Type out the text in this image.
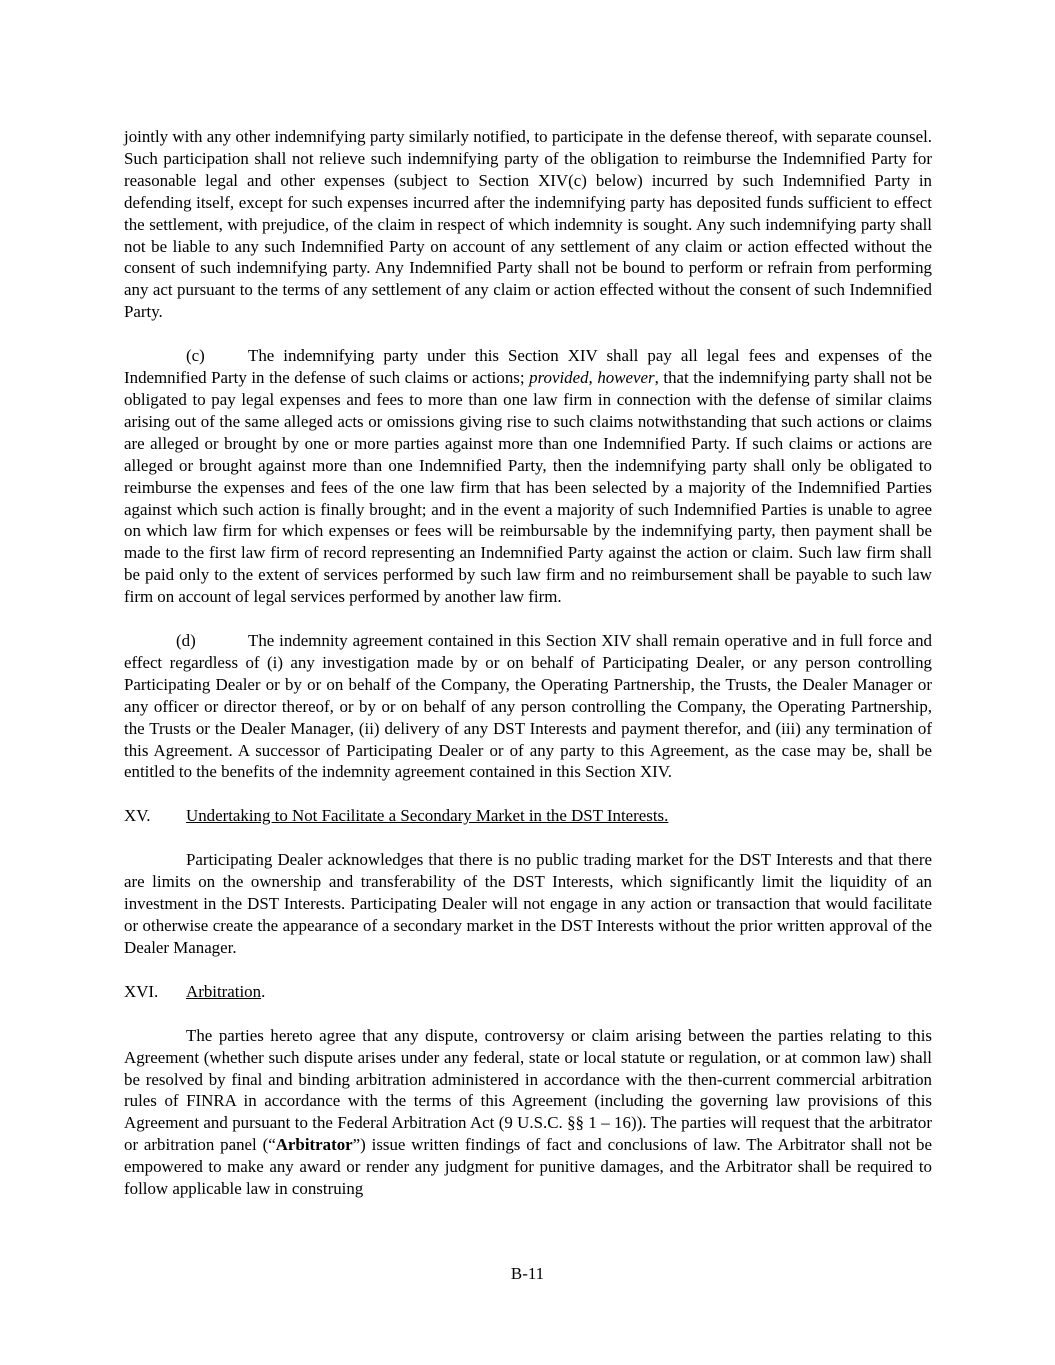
jointly with any other indemnifying party similarly notified, to participate in the defense thereof, with separate counsel. Such participation shall not relieve such indemnifying party of the obligation to reimburse the Indemnified Party for reasonable legal and other expenses (subject to Section XIV(c) below) incurred by such Indemnified Party in defending itself, except for such expenses incurred after the indemnifying party has deposited funds sufficient to effect the settlement, with prejudice, of the claim in respect of which indemnity is sought. Any such indemnifying party shall not be liable to any such Indemnified Party on account of any settlement of any claim or action effected without the consent of such indemnifying party. Any Indemnified Party shall not be bound to perform or refrain from performing any act pursuant to the terms of any settlement of any claim or action effected without the consent of such Indemnified Party.

(c)	The indemnifying party under this Section XIV shall pay all legal fees and expenses of the Indemnified Party in the defense of such claims or actions; provided, however, that the indemnifying party shall not be obligated to pay legal expenses and fees to more than one law firm in connection with the defense of similar claims arising out of the same alleged acts or omissions giving rise to such claims notwithstanding that such actions or claims are alleged or brought by one or more parties against more than one Indemnified Party. If such claims or actions are alleged or brought against more than one Indemnified Party, then the indemnifying party shall only be obligated to reimburse the expenses and fees of the one law firm that has been selected by a majority of the Indemnified Parties against which such action is finally brought; and in the event a majority of such Indemnified Parties is unable to agree on which law firm for which expenses or fees will be reimbursable by the indemnifying party, then payment shall be made to the first law firm of record representing an Indemnified Party against the action or claim. Such law firm shall be paid only to the extent of services performed by such law firm and no reimbursement shall be payable to such law firm on account of legal services performed by another law firm.

(d)	The indemnity agreement contained in this Section XIV shall remain operative and in full force and effect regardless of (i) any investigation made by or on behalf of Participating Dealer, or any person controlling Participating Dealer or by or on behalf of the Company, the Operating Partnership, the Trusts, the Dealer Manager or any officer or director thereof, or by or on behalf of any person controlling the Company, the Operating Partnership, the Trusts or the Dealer Manager, (ii) delivery of any DST Interests and payment therefor, and (iii) any termination of this Agreement. A successor of Participating Dealer or of any party to this Agreement, as the case may be, shall be entitled to the benefits of the indemnity agreement contained in this Section XIV.

XV. Undertaking to Not Facilitate a Secondary Market in the DST Interests.

Participating Dealer acknowledges that there is no public trading market for the DST Interests and that there are limits on the ownership and transferability of the DST Interests, which significantly limit the liquidity of an investment in the DST Interests. Participating Dealer will not engage in any action or transaction that would facilitate or otherwise create the appearance of a secondary market in the DST Interests without the prior written approval of the Dealer Manager.

XVI. Arbitration.

The parties hereto agree that any dispute, controversy or claim arising between the parties relating to this Agreement (whether such dispute arises under any federal, state or local statute or regulation, or at common law) shall be resolved by final and binding arbitration administered in accordance with the then-current commercial arbitration rules of FINRA in accordance with the terms of this Agreement (including the governing law provisions of this Agreement and pursuant to the Federal Arbitration Act (9 U.S.C. §§ 1 – 16)). The parties will request that the arbitrator or arbitration panel (“Arbitrator”) issue written findings of fact and conclusions of law. The Arbitrator shall not be empowered to make any award or render any judgment for punitive damages, and the Arbitrator shall be required to follow applicable law in construing

B-11
